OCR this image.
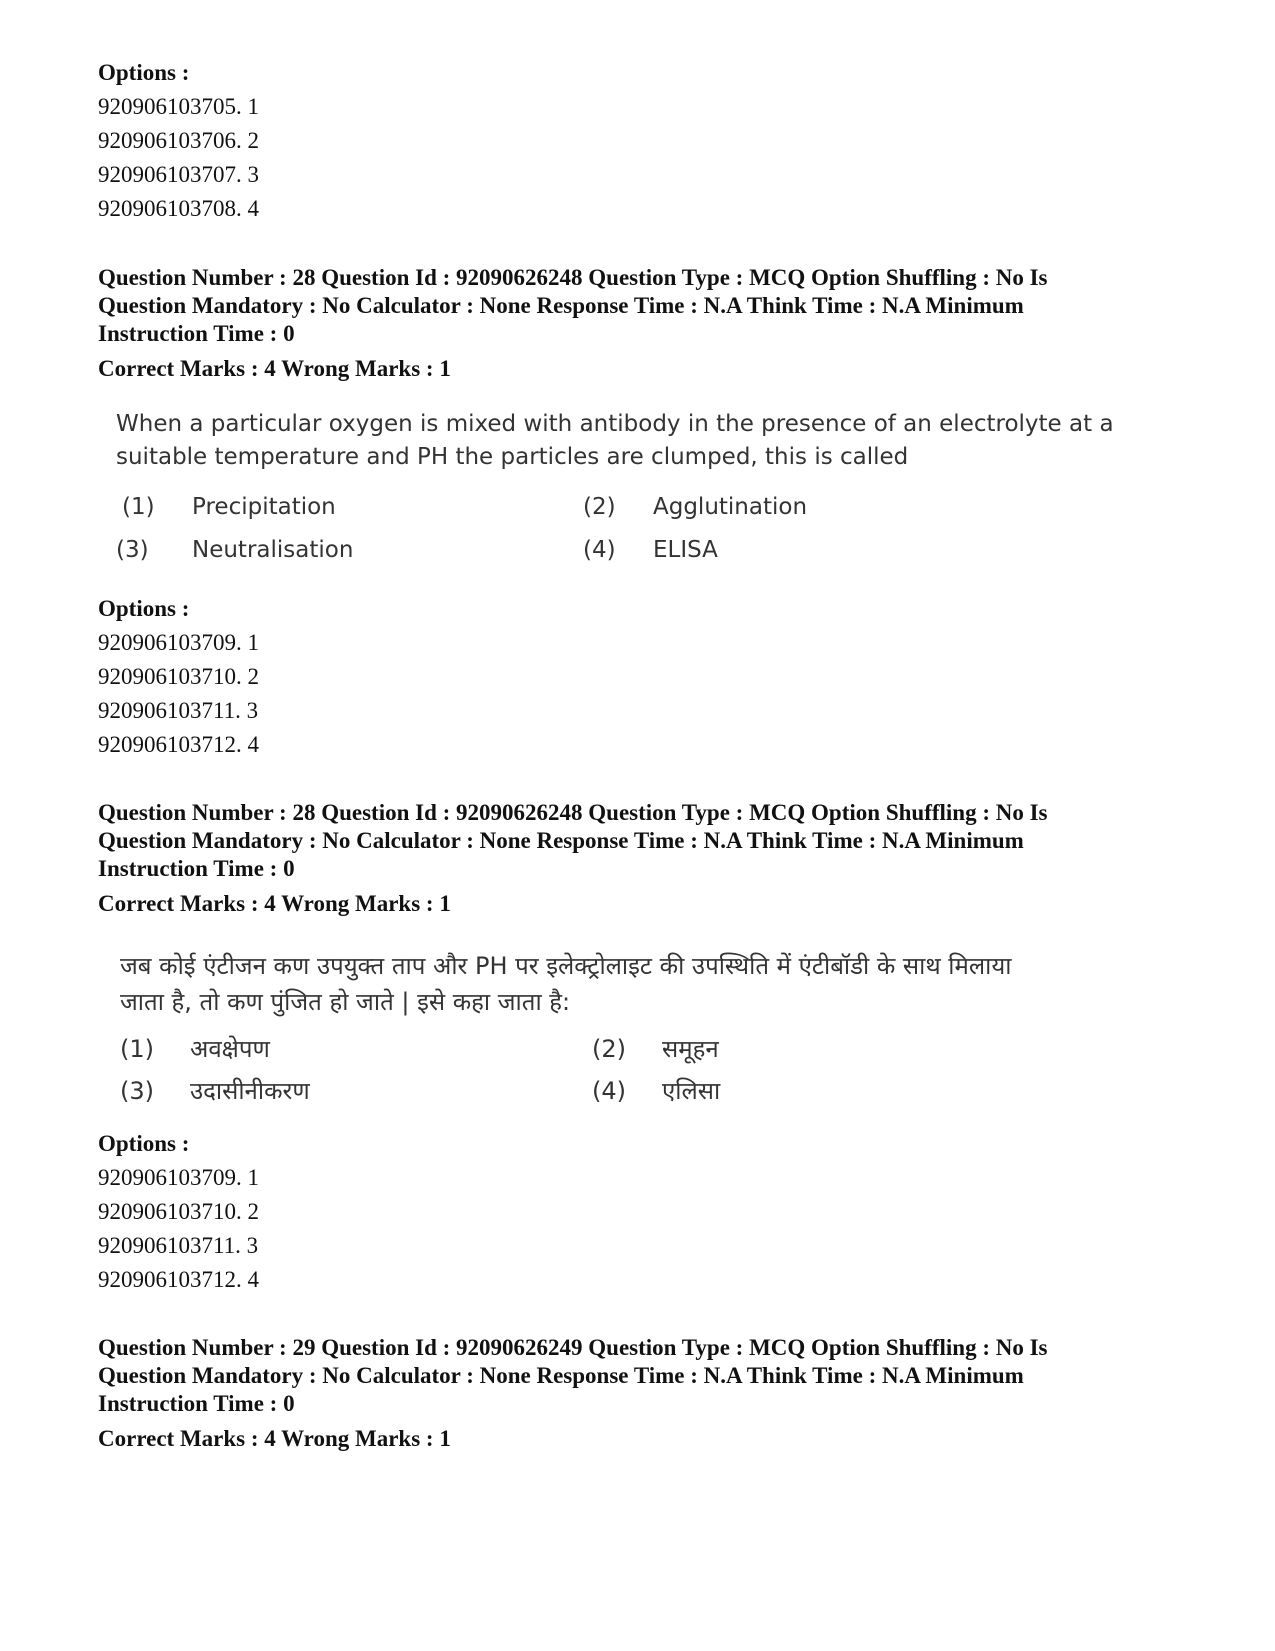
Options :
920906103705. 1
920906103706. 2
920906103707. 3
920906103708. 4
Question Number : 28 Question Id : 92090626248 Question Type : MCQ Option Shuffling : No Is
Question Mandatory : No Calculator : None Response Time : N.A Think Time : N.A Minimum
Instruction Time : 0
Correct Marks : 4 Wrong Marks : 1
When a particular oxygen is mixed with antibody in the presence of an electrolyte at a
suitable temperature and PH the particles are clumped, this is called
(1) Precipitation	(2) Agglutination
(3) Neutralisation	(4) ELISA
Options :
920906103709. 1
920906103710. 2
920906103711. 3
920906103712. 4
Question Number : 28 Question Id : 92090626248 Question Type : MCQ Option Shuffling : No Is
Question Mandatory : No Calculator : None Response Time : N.A Think Time : N.A Minimum
Instruction Time : 0
Correct Marks : 4 Wrong Marks : 1
जब कोई एंटीजन कण उपयुक्त ताप और PH पर इलेक्ट्रोलाइट की उपस्थिति में एंटीबॉडी के साथ मिलाया
जाता है, तो कण पुंजित हो जाते | इसे कहा जाता है:
(1) अवक्षेपण	(2) समूहन
(3) उदासीनीकरण	(4) एलिसा
Options :
920906103709. 1
920906103710. 2
920906103711. 3
920906103712. 4
Question Number : 29 Question Id : 92090626249 Question Type : MCQ Option Shuffling : No Is
Question Mandatory : No Calculator : None Response Time : N.A Think Time : N.A Minimum
Instruction Time : 0
Correct Marks : 4 Wrong Marks : 1
